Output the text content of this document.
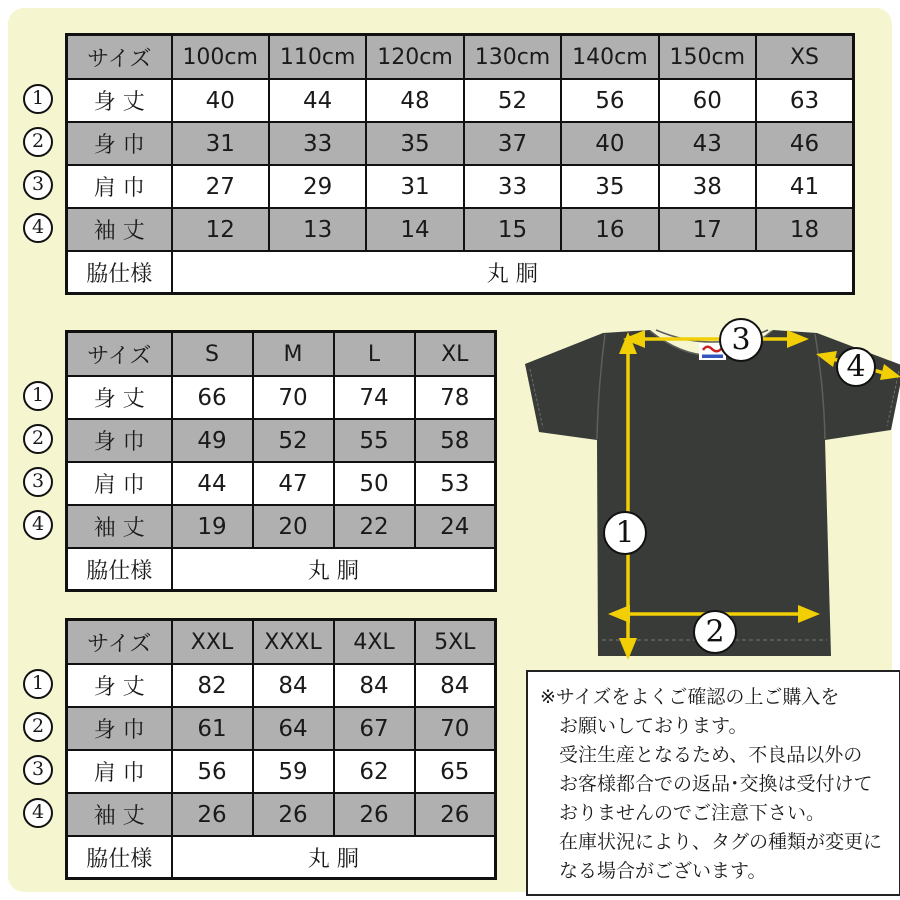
サイズ	100cm	110cm	120cm	130cm	140cm	150cm	XS
身 丈	40	44	48	52	56	60	63
身 巾	31	33	35	37	40	43	46
肩 巾	27	29	31	33	35	38	41
袖 丈	12	13	14	15	16	17	18
脇仕様	丸 胴						
1
2
3
4
サイズ	S	M	L	XL
身 丈	66	70	74	78
身 巾	49	52	55	58
肩 巾	44	47	50	53
袖 丈	19	20	22	24
脇仕様	丸 胴			
1
2
3
4
サイズ	XXL	XXXL	4XL	5XL
身 丈	82	84	84	84
身 巾	61	64	67	70
肩 巾	56	59	62	65
袖 丈	26	26	26	26
脇仕様	丸 胴			
1
2
3
4
3
4
1
2
※サイズをよくご確認の上ご購入を
お願いしております。
受注生産となるため、不良品以外の
お客様都合での返品･交換は受付けて
おりませんのでご注意下さい。
在庫状況により、タグの種類が変更に
なる場合がございます。
